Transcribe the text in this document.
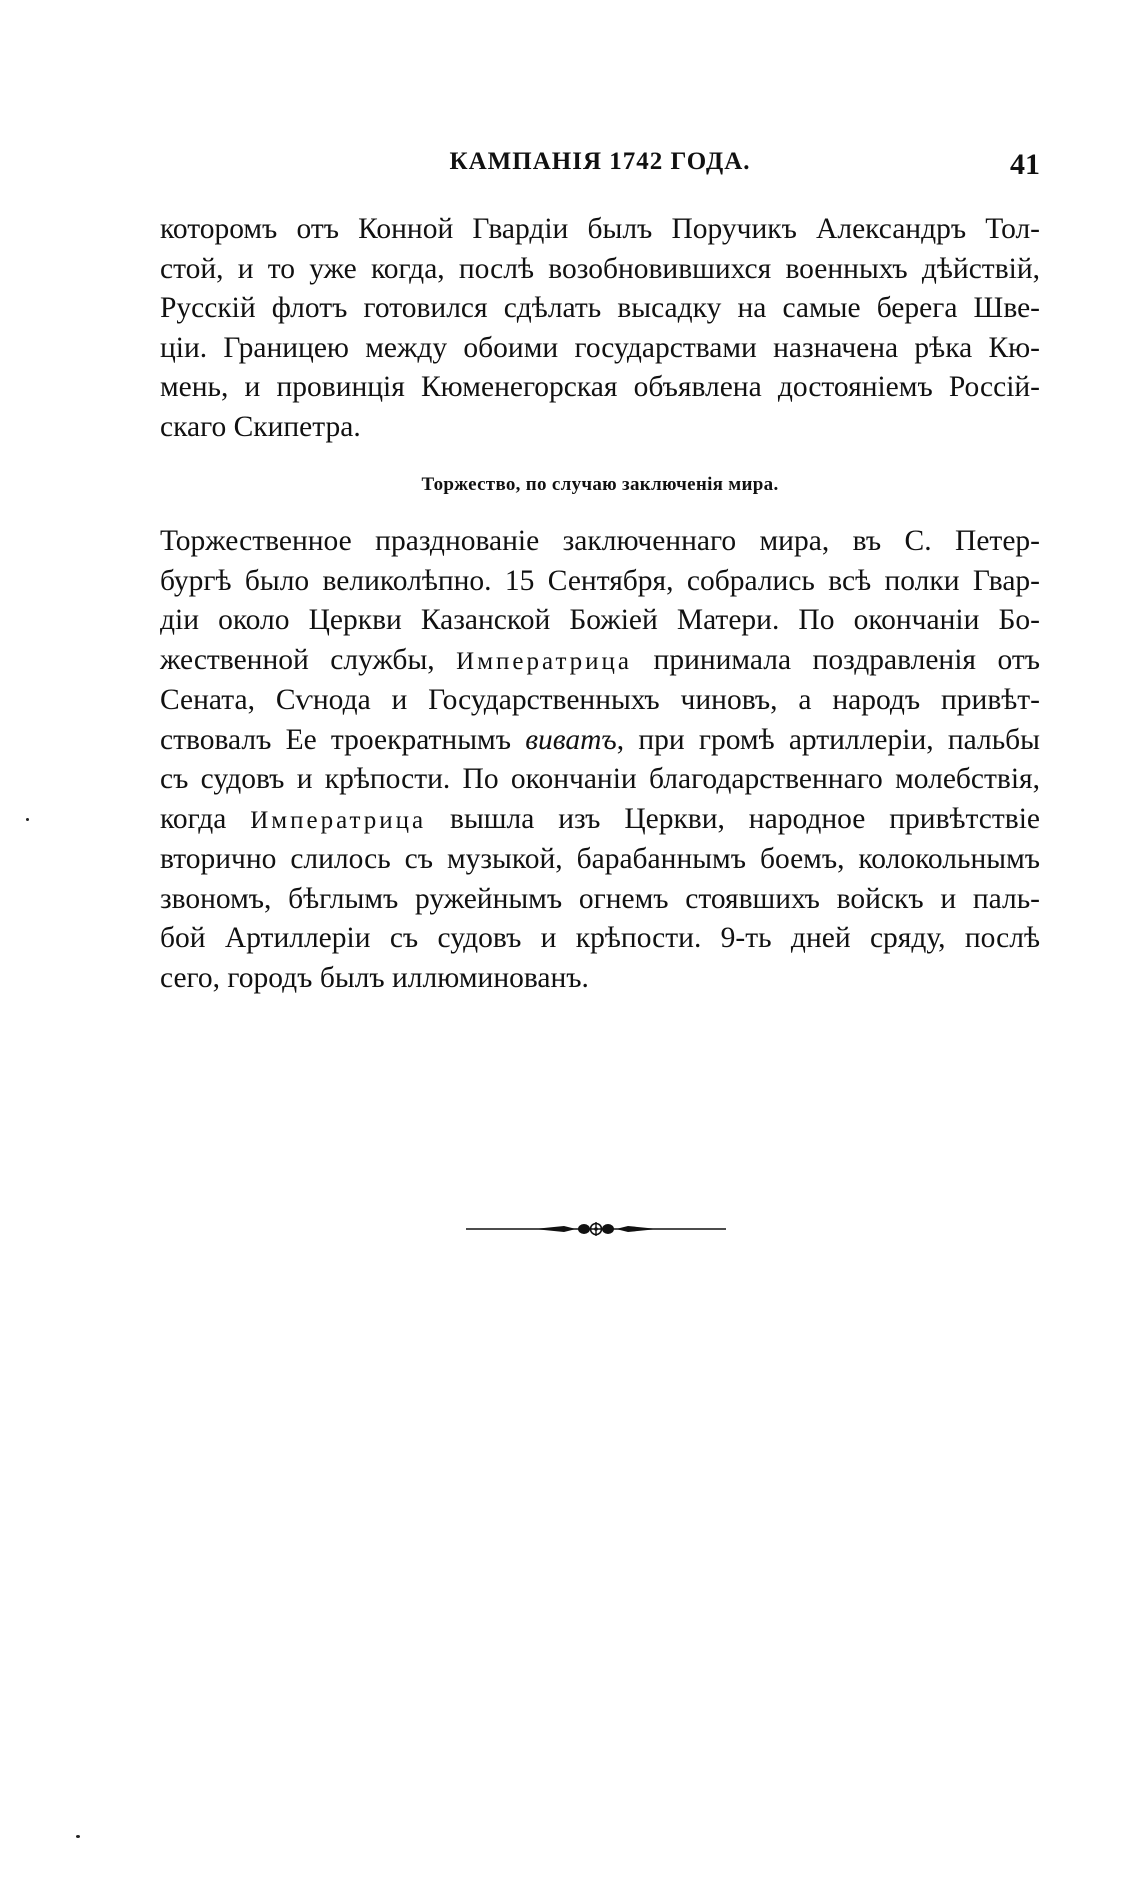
КАМПАНІЯ 1742 ГОДА.	41
которомъ отъ Конной Гвардіи былъ Поручикъ Александръ Тол-
стой, и то уже когда, послѣ возобновившихся военныхъ дѣйствій,
Русскій флотъ готовился сдѣлать высадку на самые берега Шве-
ціи. Границею между обоими государствами назначена рѣка Кю-
мень, и провинція Кюменегорская объявлена достояніемъ Россій-
скаго Скипетра.
Торжество, по случаю заключенія мира.
Торжественное празднованіе заключеннаго мира, въ С. Петер-
бургѣ было великолѣпно. 15 Сентября, собрались всѣ полки Гвар-
діи около Церкви Казанской Божіей Матери. По окончаніи Бо-
жественной службы, Императрица принимала поздравленія отъ
Сената, Сѵнода и Государственныхъ чиновъ, а народъ привѣт-
ствовалъ Ее троекратнымъ виватъ, при громѣ артиллеріи, пальбы
съ судовъ и крѣпости. По окончаніи благодарственнаго молебствія,
когда Императрица вышла изъ Церкви, народное привѣтствіе
вторично слилось съ музыкой, барабаннымъ боемъ, колокольнымъ
звономъ, бѣглымъ ружейнымъ огнемъ стоявшихъ войскъ и паль-
бой Артиллеріи съ судовъ и крѣпости. 9-ть дней сряду, послѣ
сего, городъ былъ иллюминованъ.
